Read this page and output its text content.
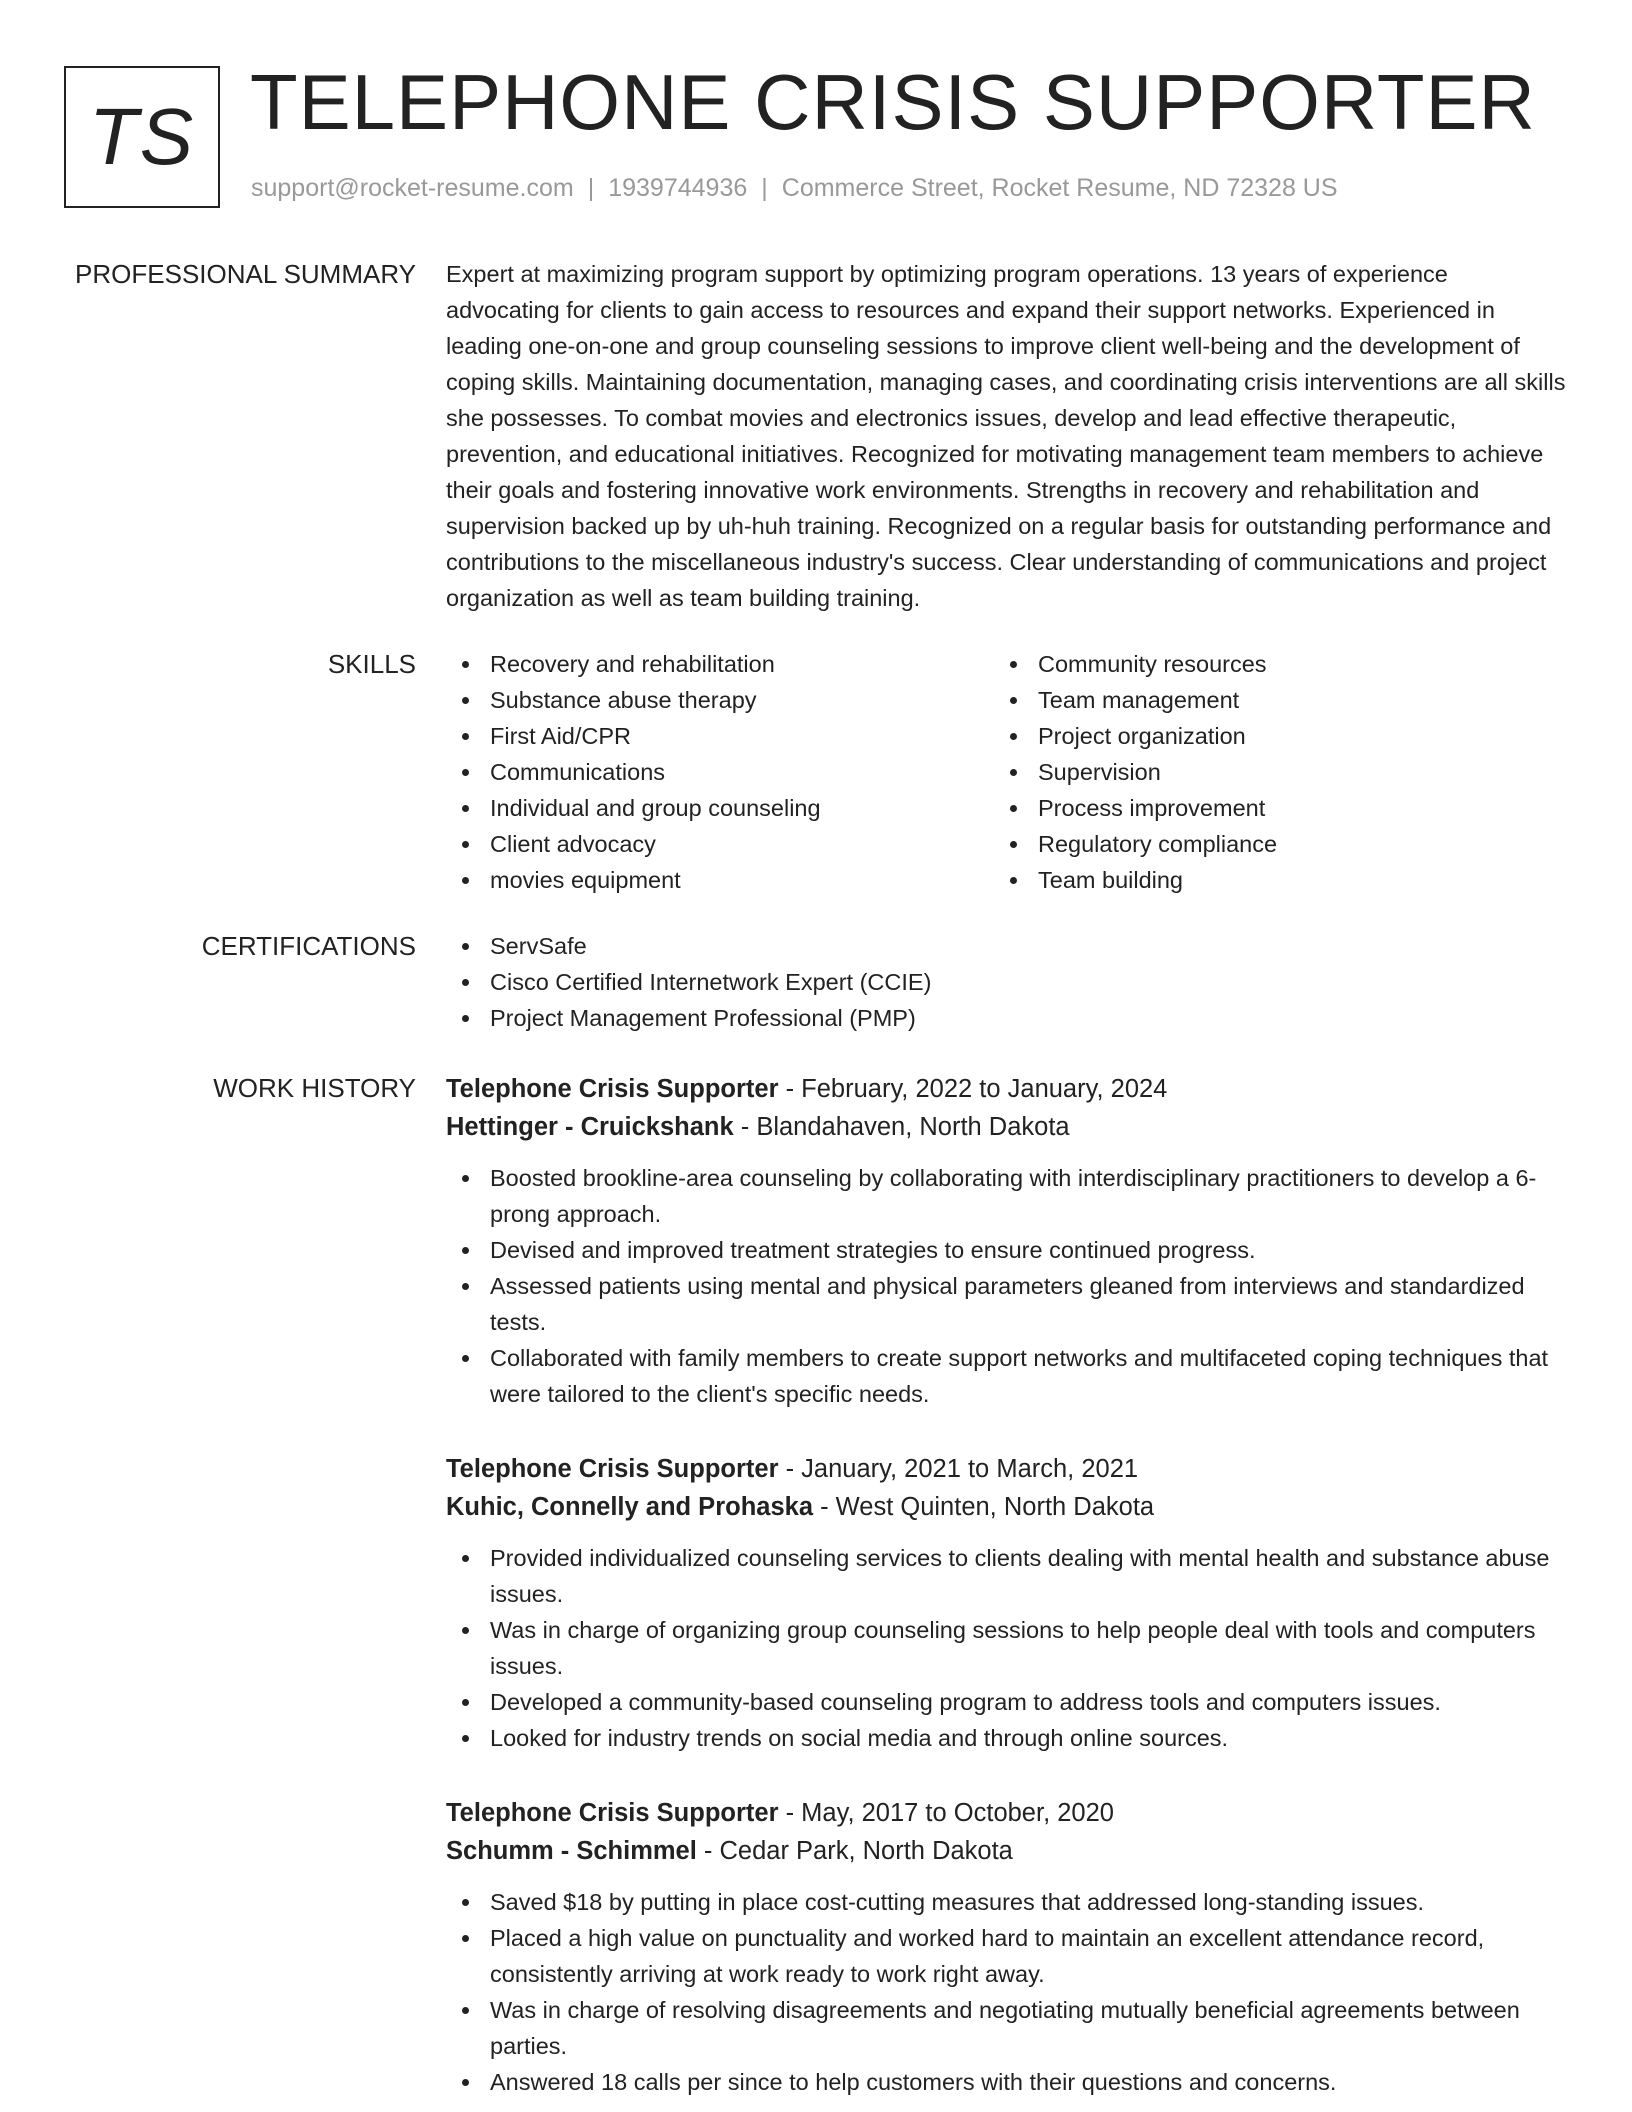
TS TELEPHONE CRISIS SUPPORTER
support@rocket-resume.com | 1939744936 | Commerce Street, Rocket Resume, ND 72328 US
PROFESSIONAL SUMMARY Expert at maximizing program support by optimizing program operations. 13 years of experience advocating for clients to gain access to resources and expand their support networks. Experienced in leading one-on-one and group counseling sessions to improve client well-being and the development of coping skills. Maintaining documentation, managing cases, and coordinating crisis interventions are all skills she possesses. To combat movies and electronics issues, develop and lead effective therapeutic, prevention, and educational initiatives. Recognized for motivating management team members to achieve their goals and fostering innovative work environments. Strengths in recovery and rehabilitation and supervision backed up by uh-huh training. Recognized on a regular basis for outstanding performance and contributions to the miscellaneous industry's success. Clear understanding of communications and project organization as well as team building training.
SKILLS	Recovery and rehabilitation
Substance abuse therapy
First Aid/CPR
Communications
Individual and group counseling
Client advocacy
movies equipment
Community resources
Team management
Project organization
Supervision
Process improvement
Regulatory compliance
Team building
CERTIFICATIONS	ServSafe
Cisco Certified Internetwork Expert (CCIE)
Project Management Professional (PMP)
WORK HISTORY Telephone Crisis Supporter - February, 2022 to January, 2024
Hettinger - Cruickshank - Blandahaven, North Dakota
Boosted brookline-area counseling by collaborating with interdisciplinary practitioners to develop a 6-prong approach.
Devised and improved treatment strategies to ensure continued progress.
Assessed patients using mental and physical parameters gleaned from interviews and standardized tests.
Collaborated with family members to create support networks and multifaceted coping techniques that were tailored to the client's specific needs.
Telephone Crisis Supporter - January, 2021 to March, 2021
Kuhic, Connelly and Prohaska - West Quinten, North Dakota
Provided individualized counseling services to clients dealing with mental health and substance abuse issues.
Was in charge of organizing group counseling sessions to help people deal with tools and computers issues.
Developed a community-based counseling program to address tools and computers issues.
Looked for industry trends on social media and through online sources.
Telephone Crisis Supporter - May, 2017 to October, 2020
Schumm - Schimmel - Cedar Park, North Dakota
Saved $18 by putting in place cost-cutting measures that addressed long-standing issues.
Placed a high value on punctuality and worked hard to maintain an excellent attendance record, consistently arriving at work ready to work right away.
Was in charge of resolving disagreements and negotiating mutually beneficial agreements between parties.
Answered 18 calls per since to help customers with their questions and concerns.
